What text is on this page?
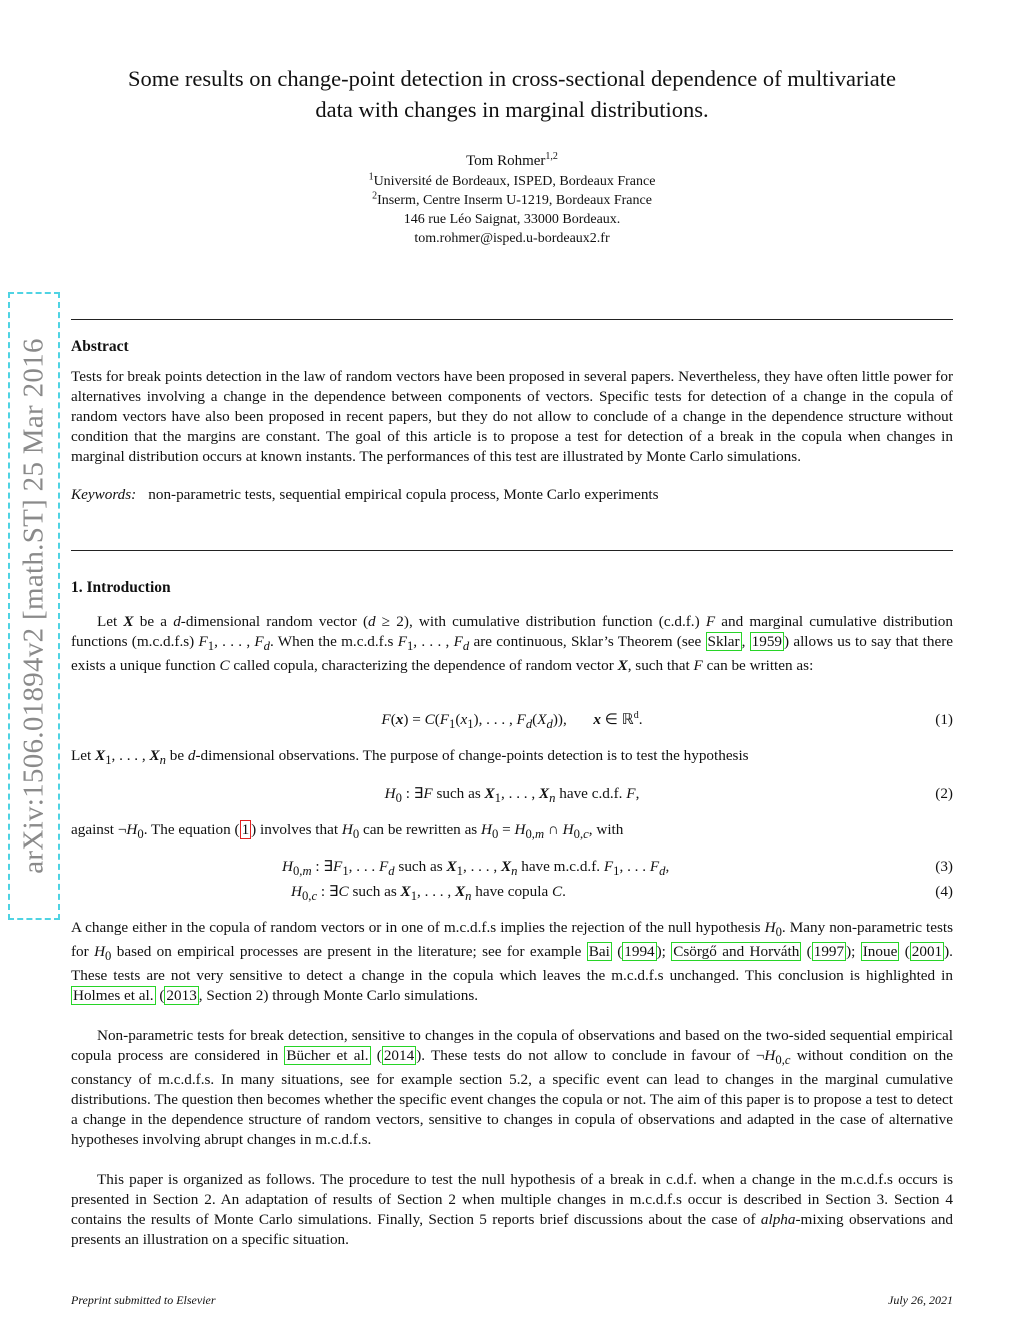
arXiv:1506.01894v2 [math.ST] 25 Mar 2016
Some results on change-point detection in cross-sectional dependence of multivariate
data with changes in marginal distributions.
Tom Rohmer$^{1,2}$
$^1$Université de Bordeaux, ISPED, Bordeaux France
$^2$Inserm, Centre Inserm U-1219, Bordeaux France
146 rue Léo Saignat, 33000 Bordeaux.
tom.rohmer@isped.u-bordeaux2.fr

Abstract

Tests for break points detection in the law of random vectors have been proposed in several papers. Nevertheless, they have often little power for alternatives involving a change in the dependence between components of vectors. Specific tests for detection of a change in the copula of random vectors have also been proposed in recent papers, but they do not allow to conclude of a change in the dependence structure without condition that the margins are constant. The goal of this article is to propose a test for detection of a break in the copula when changes in marginal distribution occurs at known instants. The performances of this test are illustrated by Monte Carlo simulations.

Keywords: non-parametric tests, sequential empirical copula process, Monte Carlo experiments

1. Introduction

Let X be a d-dimensional random vector (d ≥ 2), with cumulative distribution function (c.d.f.) F and marginal cumulative distribution functions (m.c.d.f.s) $F_1$, . . . , $F_d$. When the m.c.d.f.s $F_1$, . . . , $F_d$ are continuous, Sklar’s Theorem (see Sklar , 1959 ) allows us to say that there exists a unique function C called copula, characterizing the dependence of random vector X, such that F can be written as:

$F(x) = C(F_1(x_1)$, . . . , $F_d(X_d)$),       x ∈ ℝ$^d$.	(1)

Let $X_1$, . . . , $X_n$ be d-dimensional observations. The purpose of change-points detection is to test the hypothesis

$H_0$ : ∃F such as $X_1$, . . . , $X_n$ have c.d.f. F,	(2)

against $\neg H_0$. The equation ( 1 ) involves that $H_0$ can be rewritten as $H_0 = H_{0,m}$ ∩ $H_{0,c}$, with

$H_{0,m}$ : $\exists F_1$, . . . $F_d$ such as $X_1$, . . . , $X_n$ have m.c.d.f. $F_1$, . . . $F_d$,	(3)
$H_{0,c}$ : ∃C such as $X_1$, . . . , $X_n$ have copula C.	(4)

A change either in the copula of random vectors or in one of m.c.d.f.s implies the rejection of the null hypothesis $H_0$. Many non-parametric tests for $H_0$ based on empirical processes are present in the literature; see for example Bai ( 1994 ); Csörgő and Horváth ( 1997 ); Inoue ( 2001 ). These tests are not very sensitive to detect a change in the copula which leaves the m.c.d.f.s unchanged. This conclusion is highlighted in Holmes et al. ( 2013 , Section 2) through Monte Carlo simulations.

Non-parametric tests for break detection, sensitive to changes in the copula of observations and based on the two-sided sequential empirical copula process are considered in Bücher et al. ( 2014 ). These tests do not allow to conclude in favour of $\neg H_{0,c}$ without condition on the constancy of m.c.d.f.s. In many situations, see for example section 5.2, a specific event can lead to changes in the marginal cumulative distributions. The question then becomes whether the specific event changes the copula or not. The aim of this paper is to propose a test to detect a change in the dependence structure of random vectors, sensitive to changes in copula of observations and adapted in the case of alternative hypotheses involving abrupt changes in m.c.d.f.s.

This paper is organized as follows. The procedure to test the null hypothesis of a break in c.d.f. when a change in the m.c.d.f.s occurs is presented in Section 2. An adaptation of results of Section 2 when multiple changes in m.c.d.f.s occur is described in Section 3. Section 4 contains the results of Monte Carlo simulations. Finally, Section 5 reports brief discussions about the case of alpha-mixing observations and presents an illustration on a specific situation.

Preprint submitted to Elsevier	July 26, 2021
